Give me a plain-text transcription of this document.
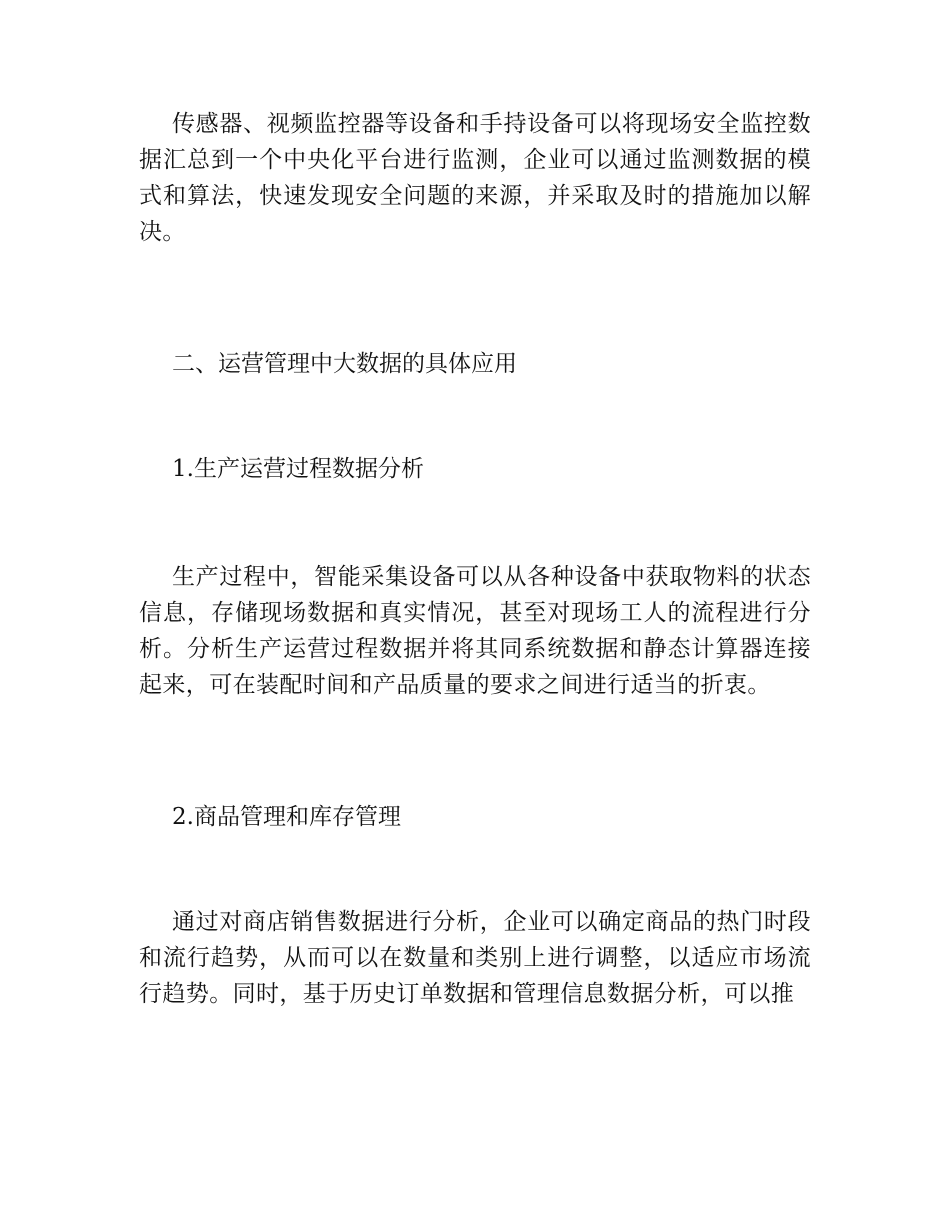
传感器、视频监控器等设备和手持设备可以将现场安全监控数据汇总到一个中央化平台进行监测，企业可以通过监测数据的模式和算法，快速发现安全问题的来源，并采取及时的措施加以解决。

二、运营管理中大数据的具体应用

1.生产运营过程数据分析

生产过程中，智能采集设备可以从各种设备中获取物料的状态信息，存储现场数据和真实情况，甚至对现场工人的流程进行分析。分析生产运营过程数据并将其同系统数据和静态计算器连接起来，可在装配时间和产品质量的要求之间进行适当的折衷。

2.商品管理和库存管理

通过对商店销售数据进行分析，企业可以确定商品的热门时段和流行趋势，从而可以在数量和类别上进行调整，以适应市场流行趋势。同时，基于历史订单数据和管理信息数据分析，可以推
